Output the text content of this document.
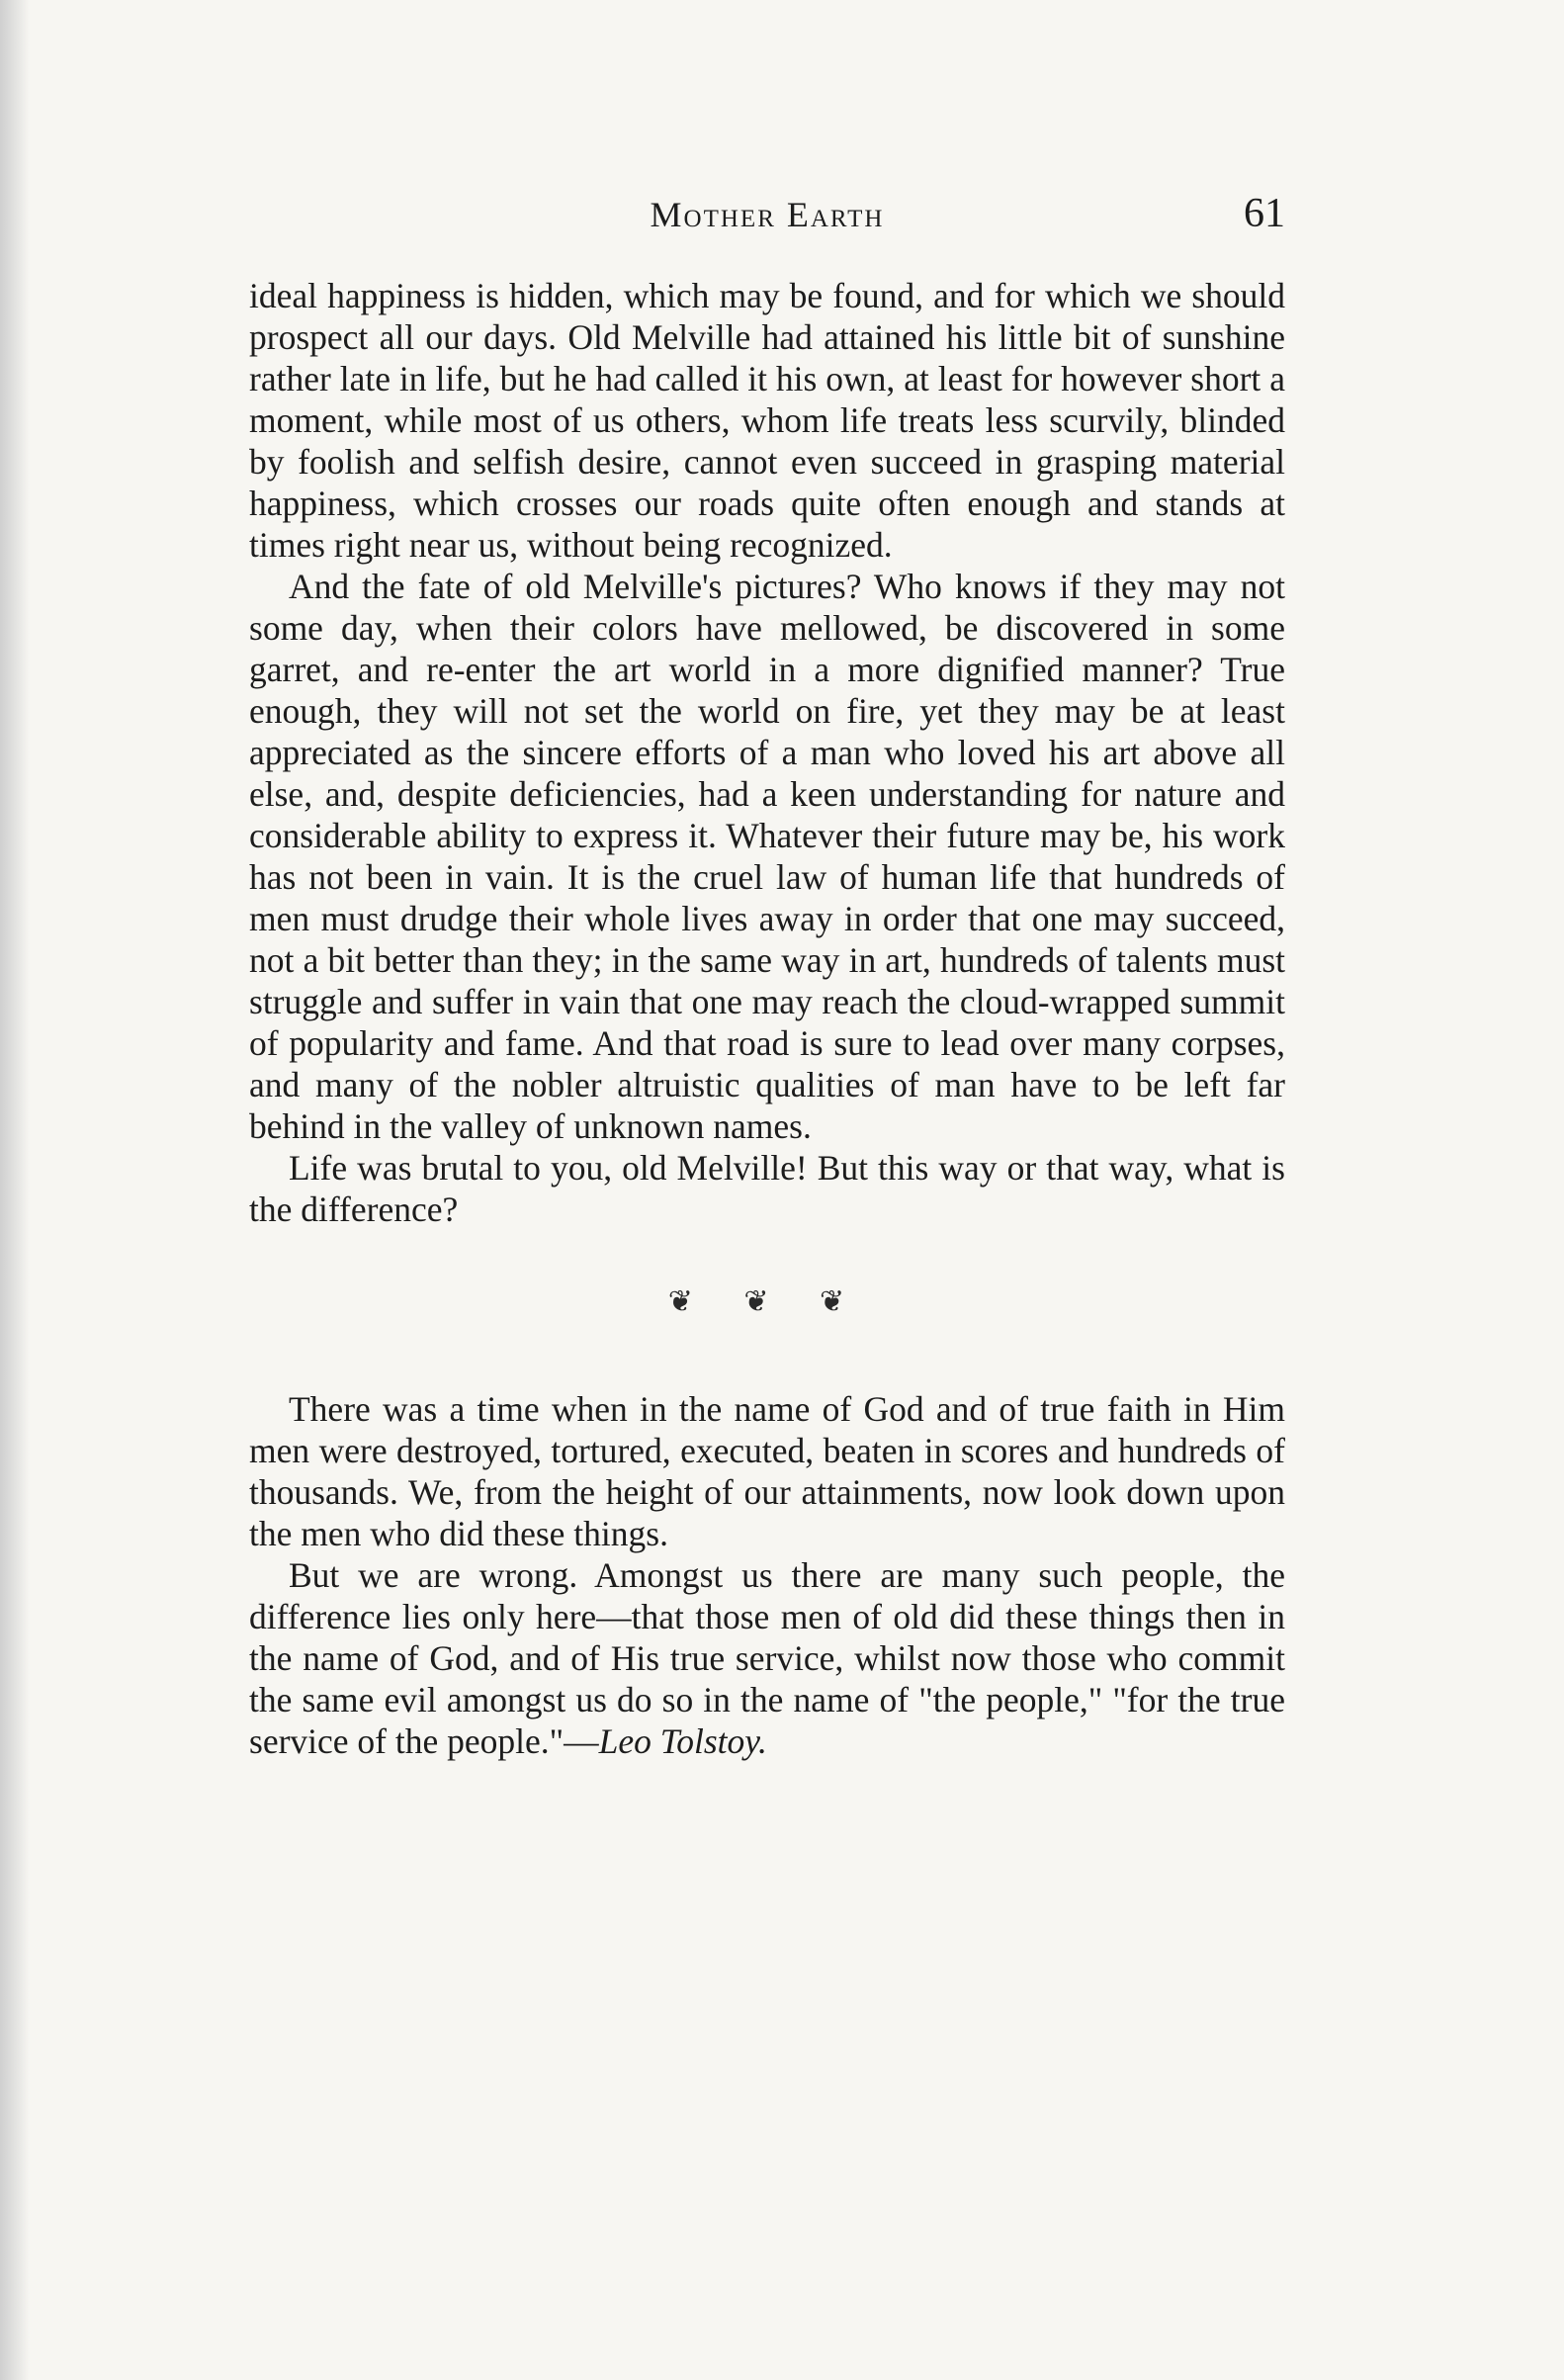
Mother Earth	61

ideal happiness is hidden, which may be found, and for which we should prospect all our days. Old Melville had attained his little bit of sunshine rather late in life, but he had called it his own, at least for however short a moment, while most of us others, whom life treats less scurvily, blinded by foolish and selfish desire, cannot even succeed in grasping material happiness, which crosses our roads quite often enough and stands at times right near us, without being recognized.

And the fate of old Melville's pictures? Who knows if they may not some day, when their colors have mellowed, be discovered in some garret, and re-enter the art world in a more dignified manner? True enough, they will not set the world on fire, yet they may be at least appreciated as the sincere efforts of a man who loved his art above all else, and, despite deficiencies, had a keen understanding for nature and considerable ability to express it. Whatever their future may be, his work has not been in vain. It is the cruel law of human life that hundreds of men must drudge their whole lives away in order that one may succeed, not a bit better than they; in the same way in art, hundreds of talents must struggle and suffer in vain that one may reach the cloud-wrapped summit of popularity and fame. And that road is sure to lead over many corpses, and many of the nobler altruistic qualities of man have to be left far behind in the valley of unknown names.

Life was brutal to you, old Melville! But this way or that way, what is the difference?

❦ ❦ ❦

There was a time when in the name of God and of true faith in Him men were destroyed, tortured, executed, beaten in scores and hundreds of thousands. We, from the height of our attainments, now look down upon the men who did these things.

But we are wrong. Amongst us there are many such people, the difference lies only here—that those men of old did these things then in the name of God, and of His true service, whilst now those who commit the same evil amongst us do so in the name of "the people," "for the true service of the people."—Leo Tolstoy.
